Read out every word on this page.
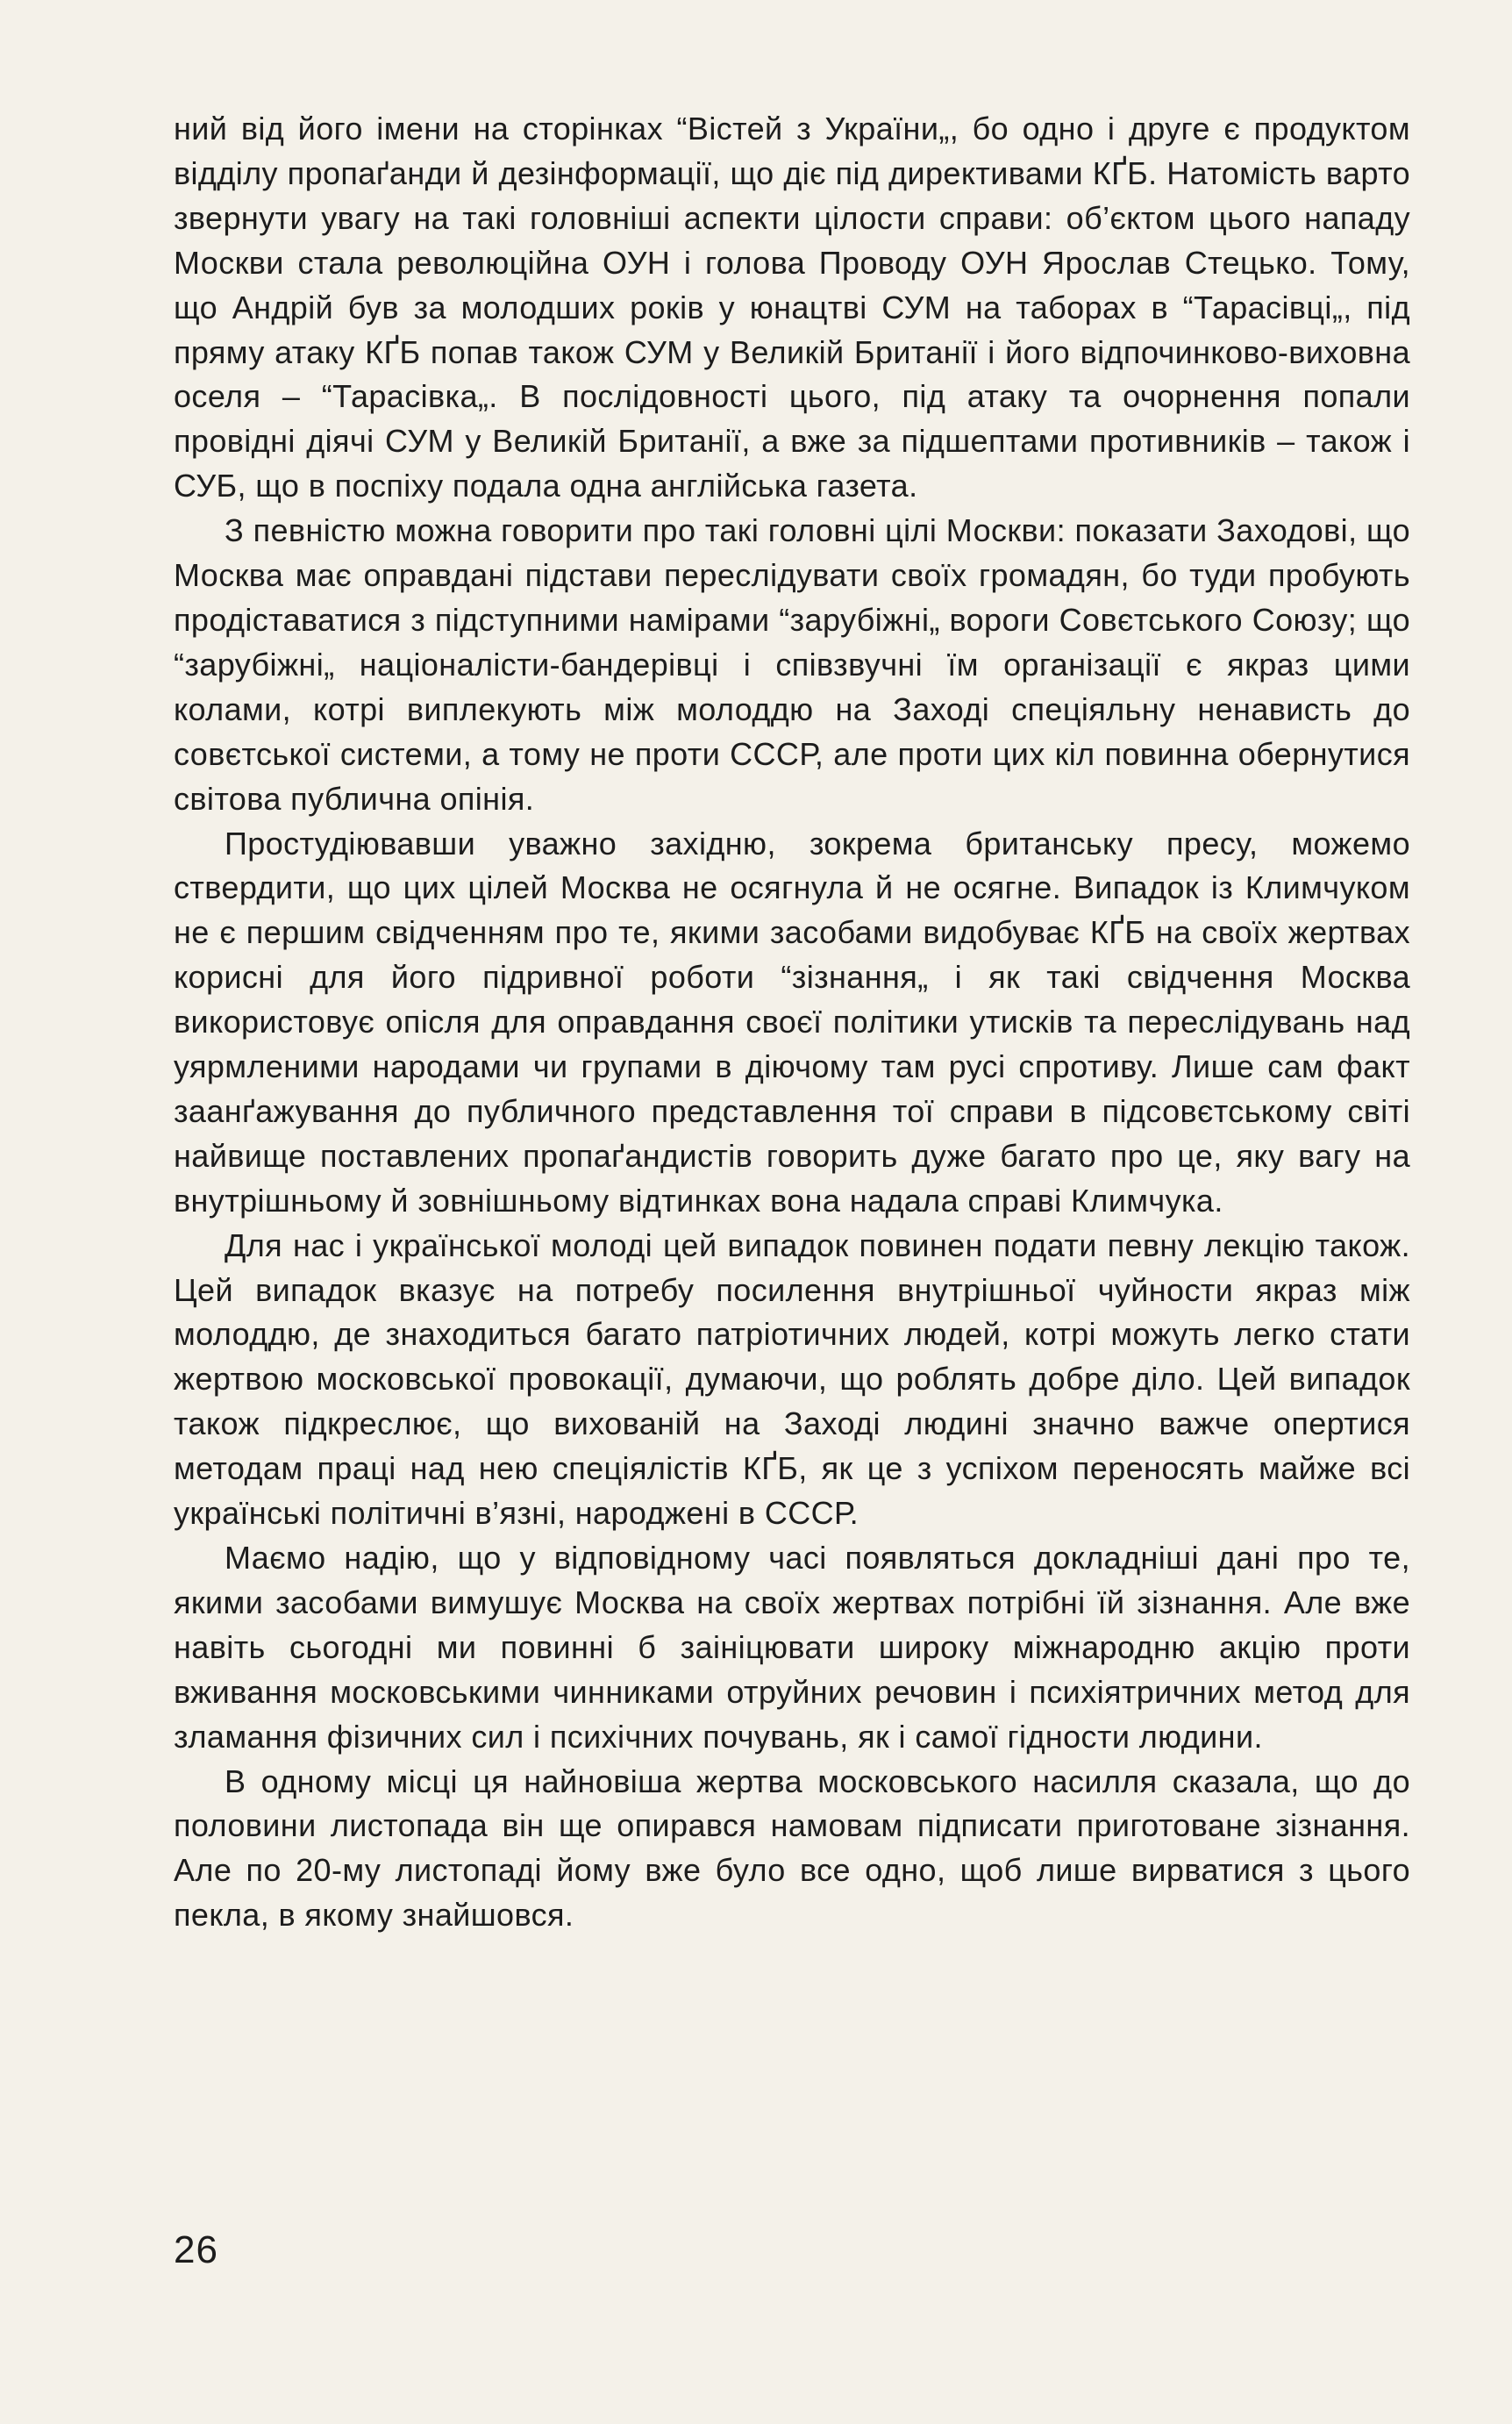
ний від його імени на сторінках “Вістей з України„, бо одно і друге є продуктом відділу пропаґанди й дезінформації, що діє під директивами КҐБ. Натомість варто звернути увагу на такі головніші аспекти цілости справи: об’єктом цього нападу Москви стала революційна ОУН і голова Проводу ОУН Ярослав Стецько. Тому, що Андрій був за молодших років у юнацтві СУМ на таборах в “Тарасівці„, під пряму атаку КҐБ попав також СУМ у Великій Британії і його відпочинково-виховна оселя – “Тарасівка„. В послідовності цього, під атаку та очорнення попали провідні діячі СУМ у Великій Британії, а вже за підшептами противників – також і СУБ, що в поспіху подала одна англійська газета.

З певністю можна говорити про такі головні цілі Москви: показати Заходові, що Москва має оправдані підстави переслідувати своїх громадян, бо туди пробують продіставатися з підступними намірами “зарубіжні„ вороги Совєтського Союзу; що “зарубіжні„ націоналісти-бандерівці і співзвучні їм організації є якраз цими колами, котрі виплекують між молоддю на Заході спеціяльну ненависть до совєтської системи, а тому не проти СССР, але проти цих кіл повинна обернутися світова публична опінія.

Простудіювавши уважно західню, зокрема британську пресу, можемо ствердити, що цих цілей Москва не осягнула й не осягне. Випадок із Климчуком не є першим свідченням про те, якими засобами видобуває КҐБ на своїх жертвах корисні для його підривної роботи “зізнання„ і як такі свідчення Москва використовує опісля для оправдання своєї політики утисків та переслідувань над уярмленими народами чи групами в діючому там русі спротиву. Лише сам факт заанґажування до публичного представлення тої справи в підсовєтському світі найвище поставлених пропаґандистів говорить дуже багато про це, яку вагу на внутрішньому й зовнішньому відтинках вона надала справі Климчука.

Для нас і української молоді цей випадок повинен подати певну лекцію також. Цей випадок вказує на потребу посилення внутрішньої чуйности якраз між молоддю, де знаходиться багато патріотичних людей, котрі можуть легко стати жертвою московської провокації, думаючи, що роблять добре діло. Цей випадок також підкреслює, що вихованій на Заході людині значно важче опертися методам праці над нею спеціялістів КҐБ, як це з успіхом переносять майже всі українські політичні в’язні, народжені в СССР.

Маємо надію, що у відповідному часі появляться докладніші дані про те, якими засобами вимушує Москва на своїх жертвах потрібні їй зізнання. Але вже навіть сьогодні ми повинні б заініцювати широку міжнародню акцію проти вживання московськими чинниками отруйних речовин і психіятричних метод для зламання фізичних сил і психічних почувань, як і самої гідности людини.

В одному місці ця найновіша жертва московського насилля сказала, що до половини листопада він ще опирався намовам підписати приготоване зізнання. Але по 20-му листопаді йому вже було все одно, щоб лише вирватися з цього пекла, в якому знайшовся.

26
